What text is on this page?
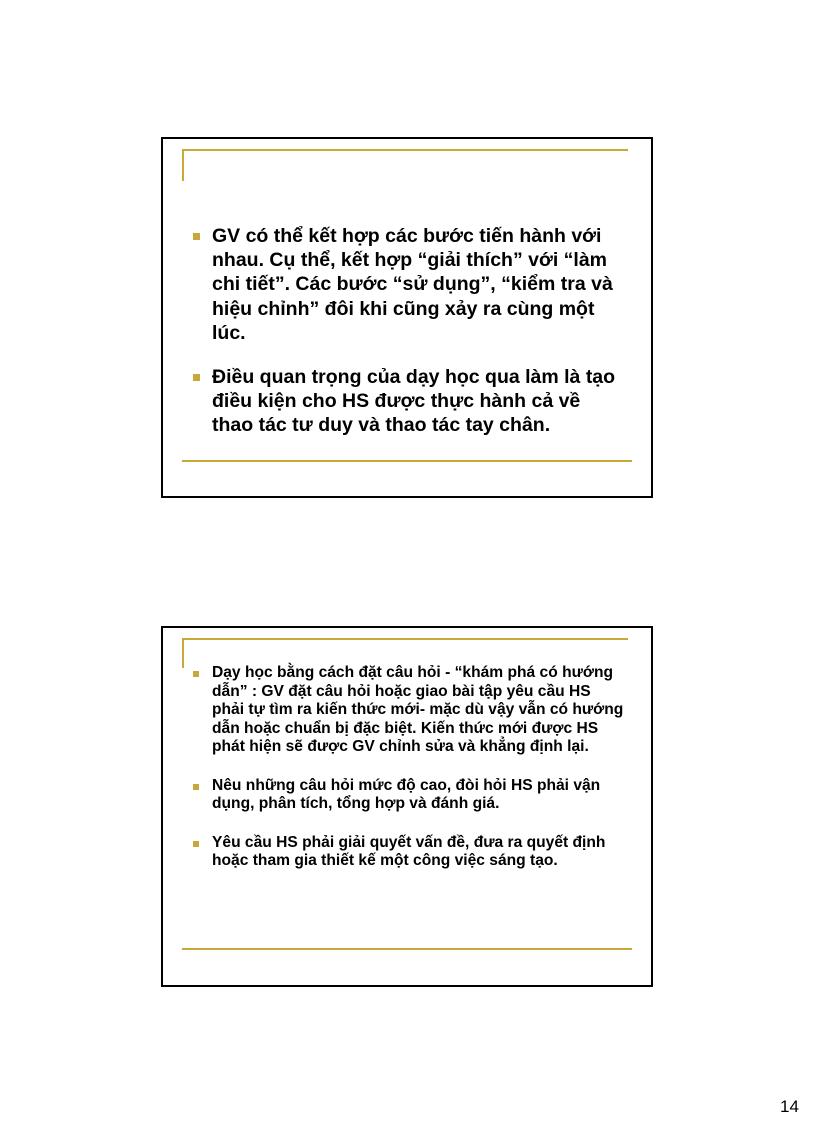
GV có thể kết hợp các bước tiến hành với nhau. Cụ thể, kết hợp “giải thích” với “làm chi tiết”. Các bước “sử dụng”, “kiểm tra và hiệu chỉnh” đôi khi cũng xảy ra cùng một lúc.
Điều quan trọng của dạy học qua làm là tạo điều kiện cho HS được thực hành cả về thao tác tư duy và thao tác tay chân.
Dạy học bằng cách đặt câu hỏi - “khám phá có hướng dẫn” : GV đặt câu hỏi hoặc giao bài tập yêu cầu HS phải tự tìm ra kiến thức mới- mặc dù vậy vẫn có hướng dẫn hoặc chuẩn bị đặc biệt. Kiến thức mới được HS phát hiện sẽ được GV chỉnh sửa và khẳng định lại.
Nêu những câu hỏi mức độ cao, đòi hỏi HS phải vận dụng, phân tích, tổng hợp và đánh giá.
Yêu cầu HS phải giải quyết vấn đề, đưa ra quyết định hoặc tham gia thiết kế một công việc sáng tạo.
14
